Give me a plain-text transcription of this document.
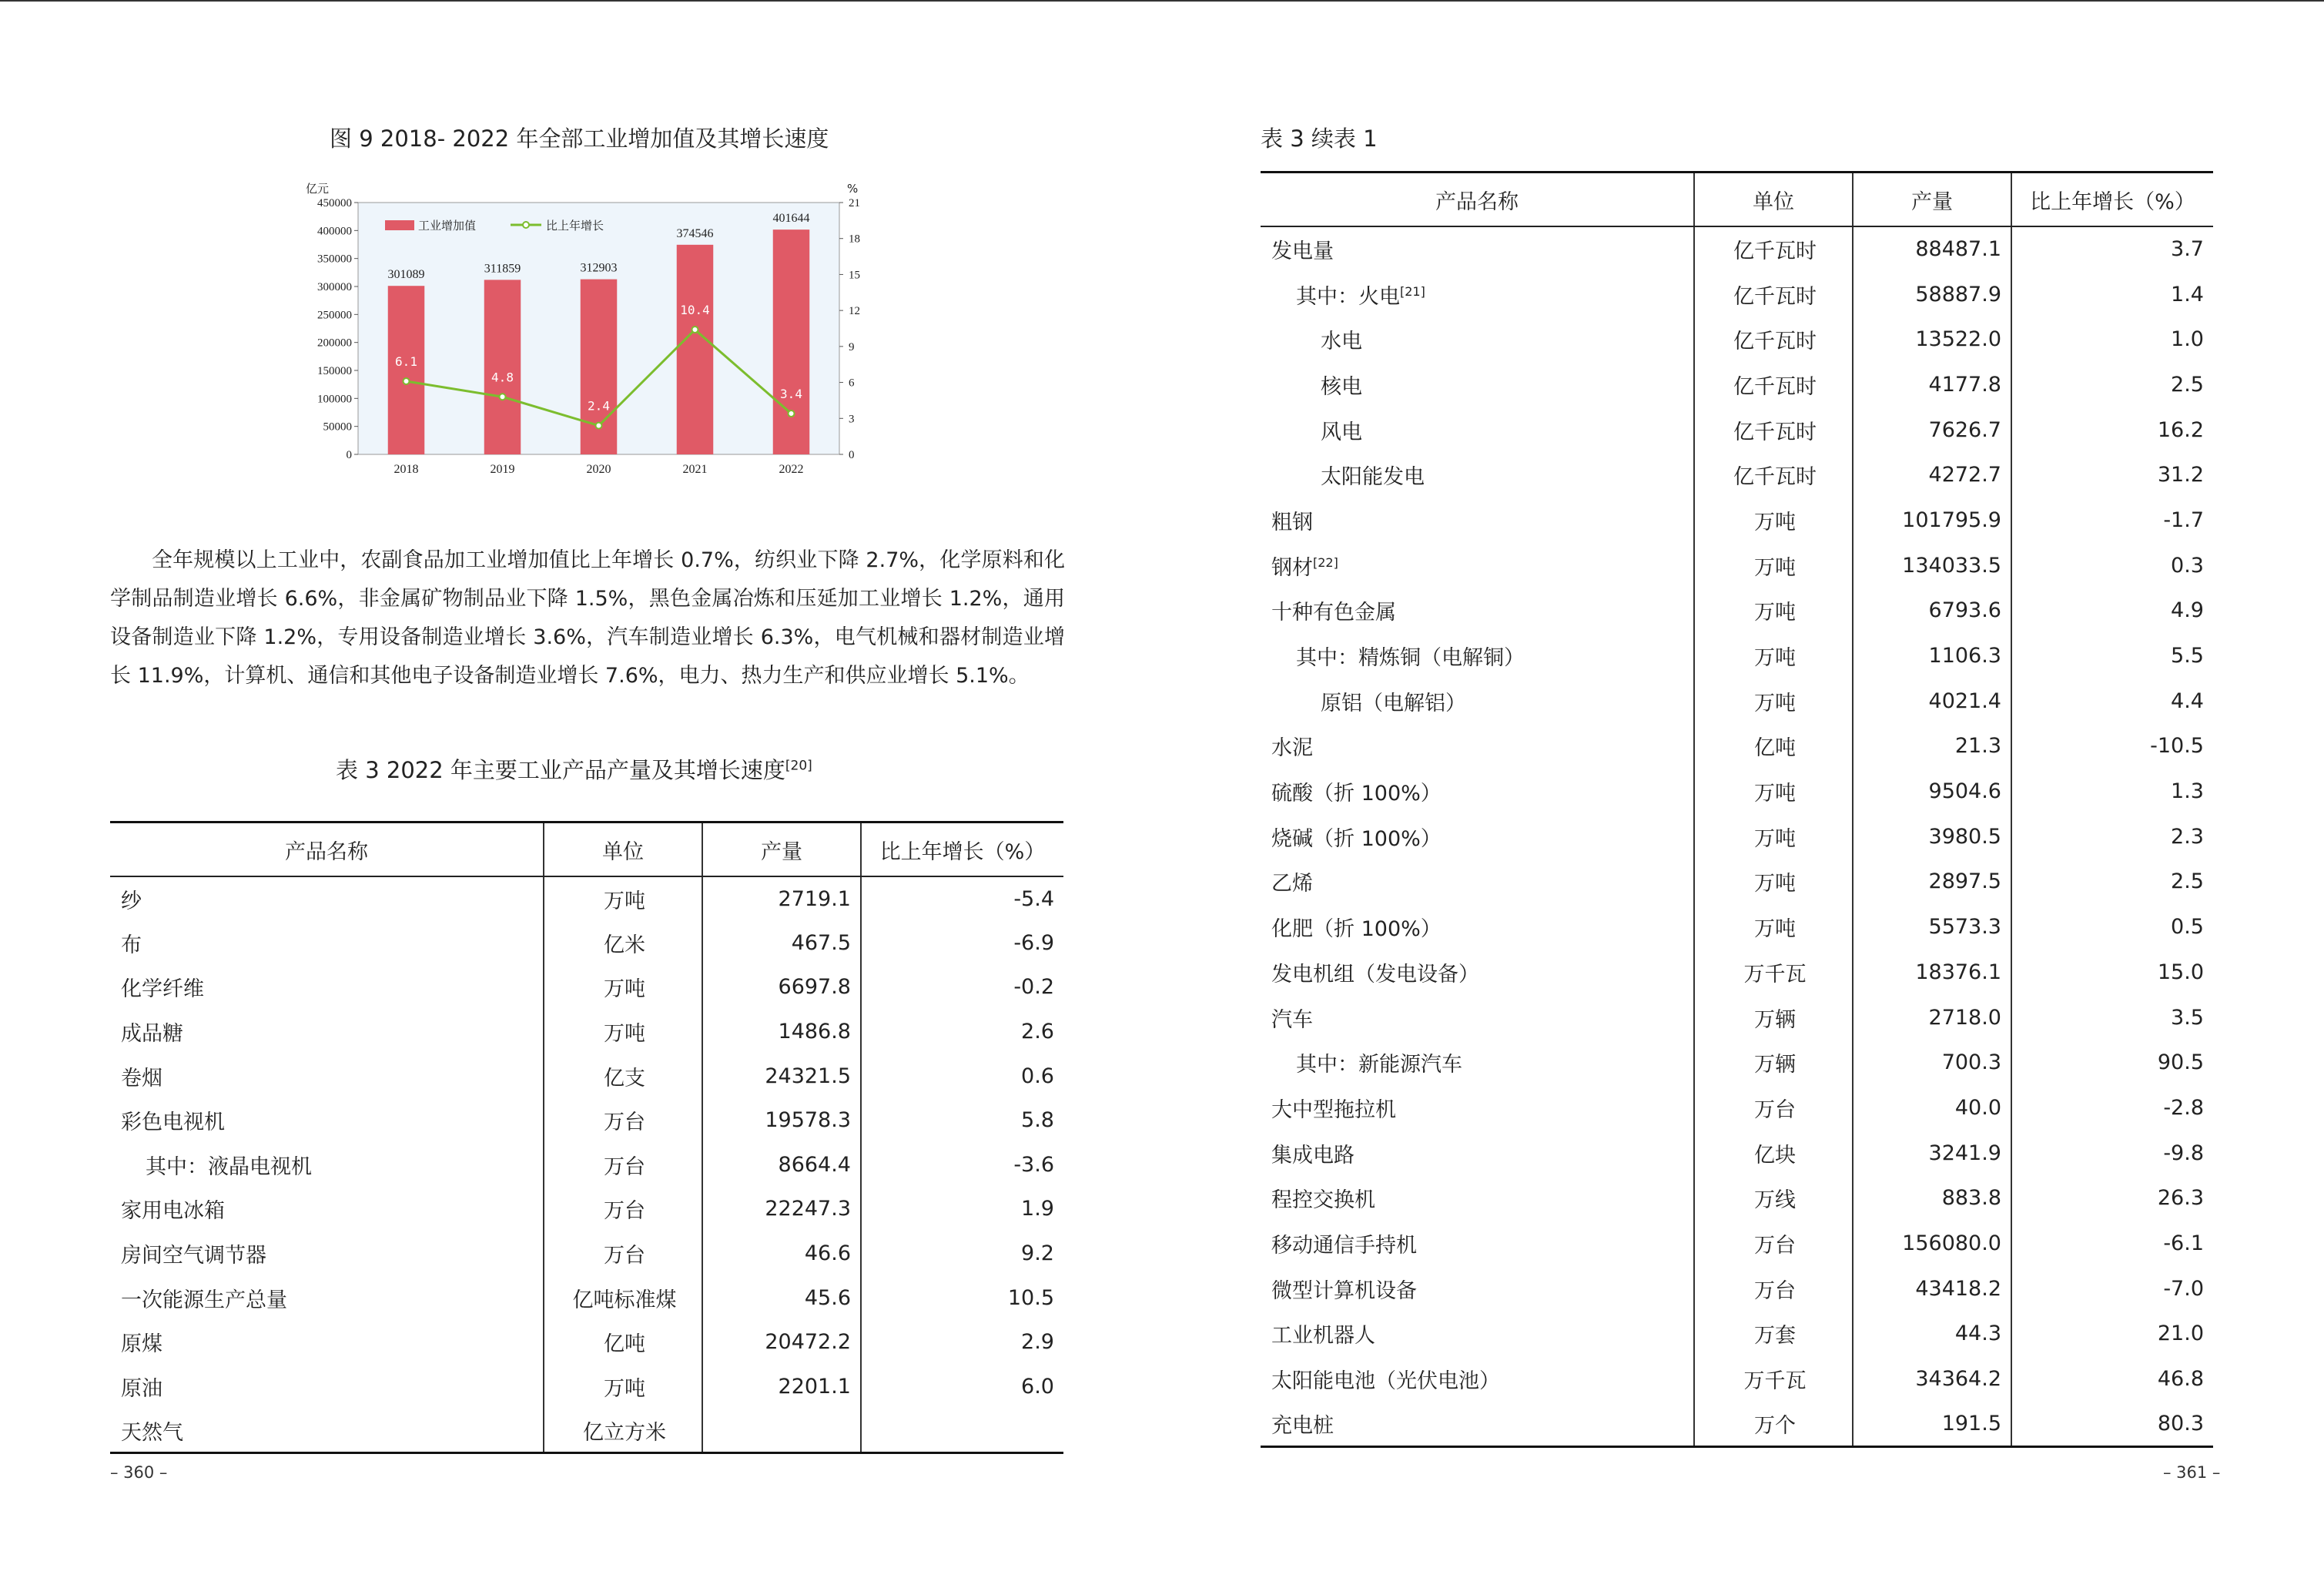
图 9 2018- 2022 年全部工业增加值及其增长速度
0
50000
100000
150000
200000
250000
300000
350000
400000
450000
0
3
6
9
12
15
18
21
亿元	%
301089	311859	312903
374546
401644
6.1
4.8
2.4
10.4
3.4
2018	2019	2020	2021	2022
工业增加值	比上年增长

全年规模以上工业中，农副食品加工业增加值比上年增长 0.7%，纺织业下降 2.7%，化学原料和化学制品制造业增长 6.6%，非金属矿物制品业下降 1.5%，黑色金属冶炼和压延加工业增长 1.2%，通用设备制造业下降 1.2%，专用设备制造业增长 3.6%，汽车制造业增长 6.3%，电气机械和器材制造业增长 11.9%，计算机、通信和其他电子设备制造业增长 7.6%，电力、热力生产和供应业增长 5.1%。

表 3 2022 年主要工业产品产量及其增长速度[20]
产品名称	单位	产量	比上年增长（%）
纱	万吨	2719.1	-5.4
布	亿米	467.5	-6.9
化学纤维	万吨	6697.8	-0.2
成品糖	万吨	1486.8	2.6
卷烟	亿支	24321.5	0.6
彩色电视机	万台	19578.3	5.8
其中：液晶电视机	万台	8664.4	-3.6
家用电冰箱	万台	22247.3	1.9
房间空气调节器	万台	46.6	9.2
一次能源生产总量	亿吨标准煤	45.6	10.5
原煤	亿吨	20472.2	2.9
原油	万吨	2201.1	6.0
天然气	亿立方米		
– 360 –
表 3 续表 1
产品名称	单位	产量	比上年增长（%）
发电量	亿千瓦时	88487.1	3.7
其中：火电[21]	亿千瓦时	58887.9	1.4
水电	亿千瓦时	13522.0	1.0
核电	亿千瓦时	4177.8	2.5
风电	亿千瓦时	7626.7	16.2
太阳能发电	亿千瓦时	4272.7	31.2
粗钢	万吨	101795.9	-1.7
钢材[22]	万吨	134033.5	0.3
十种有色金属	万吨	6793.6	4.9
其中：精炼铜（电解铜）	万吨	1106.3	5.5
原铝（电解铝）	万吨	4021.4	4.4
水泥	亿吨	21.3	-10.5
硫酸（折 100%）	万吨	9504.6	1.3
烧碱（折 100%）	万吨	3980.5	2.3
乙烯	万吨	2897.5	2.5
化肥（折 100%）	万吨	5573.3	0.5
发电机组（发电设备）	万千瓦	18376.1	15.0
汽车	万辆	2718.0	3.5
其中：新能源汽车	万辆	700.3	90.5
大中型拖拉机	万台	40.0	-2.8
集成电路	亿块	3241.9	-9.8
程控交换机	万线	883.8	26.3
移动通信手持机	万台	156080.0	-6.1
微型计算机设备	万台	43418.2	-7.0
工业机器人	万套	44.3	21.0
太阳能电池（光伏电池）	万千瓦	34364.2	46.8
充电桩	万个	191.5	80.3
– 361 –
